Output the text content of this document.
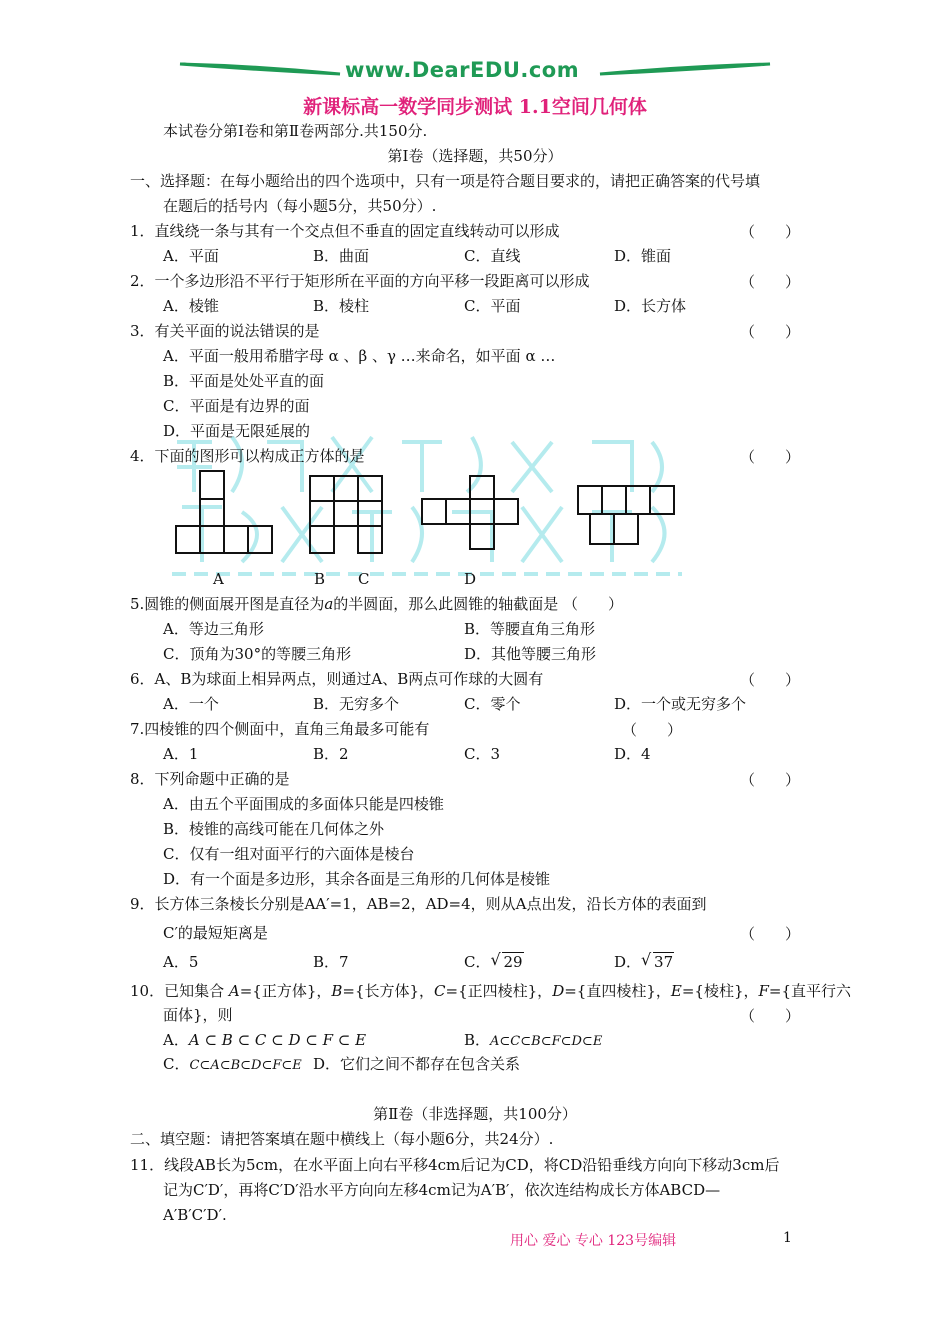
www.DearEDU.com
新课标高一数学同步测试 1.1空间几何体
本试卷分第Ⅰ卷和第Ⅱ卷两部分.共150分.
第Ⅰ卷（选择题，共50分）
一、选择题：在每小题给出的四个选项中，只有一项是符合题目要求的，请把正确答案的代号填
在题后的括号内（每小题5分，共50分）.
1．直线绕一条与其有一个交点但不垂直的固定直线转动可以形成	（　　）
A．平面	B．曲面	C．直线	D．锥面
2．一个多边形沿不平行于矩形所在平面的方向平移一段距离可以形成	（　　）
A．棱锥	B．棱柱	C．平面	D．长方体
3．有关平面的说法错误的是	（　　）
A．平面一般用希腊字母 α 、β 、γ …来命名，如平面 α …
B．平面是处处平直的面
C．平面是有边界的面
D．平面是无限延展的
4．下面的图形可以构成正方体的是	（　　）
A	B C	D
5.圆锥的侧面展开图是直径为a的半圆面，那么此圆锥的轴截面是 （　　）
A．等边三角形	B．等腰直角三角形
C．顶角为30°的等腰三角形	D．其他等腰三角形
6．A、B为球面上相异两点，则通过A、B两点可作球的大圆有	（　　）
A．一个	B．无穷多个	C．零个	D．一个或无穷多个
7.四棱锥的四个侧面中，直角三角最多可能有	（　　）
A．1	B．2	C．3	D．4
8．下列命题中正确的是	（　　）
A．由五个平面围成的多面体只能是四棱锥
B．棱锥的高线可能在几何体之外
C．仅有一组对面平行的六面体是棱台
D．有一个面是多边形，其余各面是三角形的几何体是棱锥
9．长方体三条棱长分别是AA′=1，AB=2，AD=4，则从A点出发，沿长方体的表面到
C′的最短矩离是	（　　）
A．5	B．7	C． √ 29	D． √ 37
10．已知集合 A={正方体}，B={长方体}，C={正四棱柱}，D={直四棱柱}，E={棱柱}，F={直平行六
面体}，则	（　　）
A．A ⊂ B ⊂ C ⊂ D ⊂ F ⊂ E	B．A⊂C⊂B⊂F⊂D⊂E
C．C⊂A⊂B⊂D⊂F⊂E D．它们之间不都存在包含关系
第Ⅱ卷（非选择题，共100分）
二、填空题：请把答案填在题中横线上（每小题6分，共24分）.
11．线段AB长为5cm，在水平面上向右平移4cm后记为CD，将CD沿铅垂线方向向下移动3cm后
记为C′D′，再将C′D′沿水平方向向左移4cm记为A′B′，依次连结构成长方体ABCD—
A′B′C′D′.
用心 爱心 专心 123号编辑	1
